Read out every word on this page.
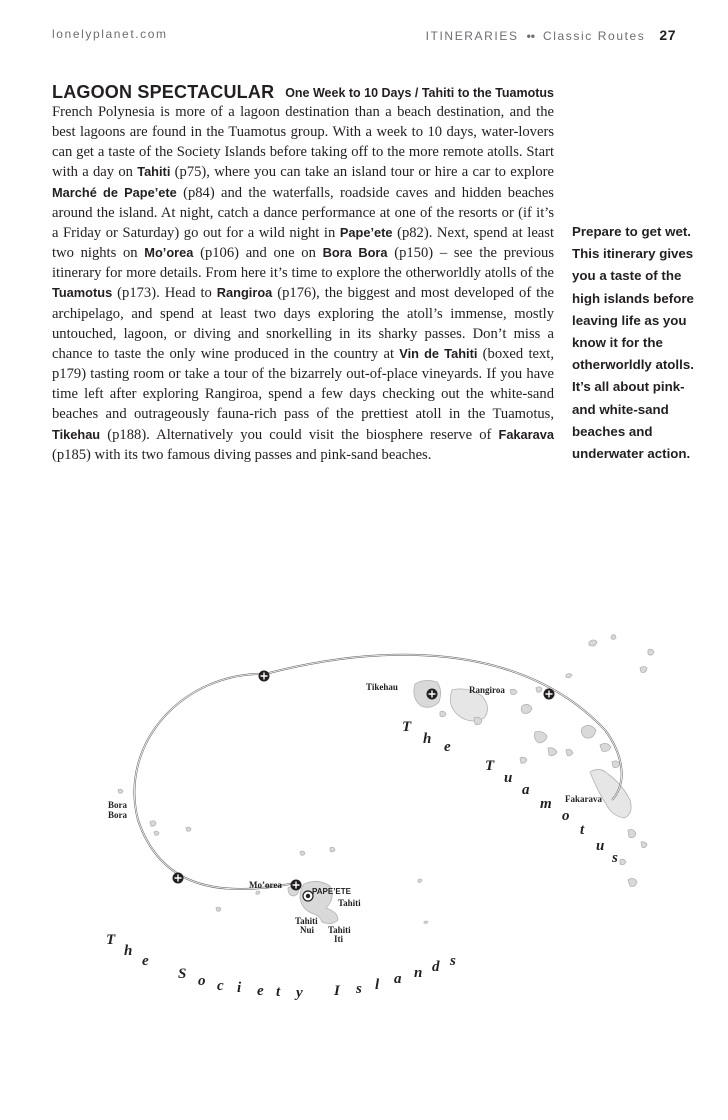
lonelyplanet.com	ITINERARIES •• Classic Routes 27
LAGOON SPECTACULAR One Week to 10 Days / Tahiti to the Tuamotus
French Polynesia is more of a lagoon destination than a beach destination, and the best lagoons are found in the Tuamotus group. With a week to 10 days, water-lovers can get a taste of the Society Islands before taking off to the more remote atolls. Start with a day on Tahiti (p75), where you can take an island tour or hire a car to explore Marché de Pape’ete (p84) and the waterfalls, roadside caves and hidden beaches around the island. At night, catch a dance performance at one of the resorts or (if it’s a Friday or Saturday) go out for a wild night in Pape’ete (p82). Next, spend at least two nights on Mo’orea (p106) and one on Bora Bora (p150) – see the previous itinerary for more details. From here it’s time to explore the otherworldly atolls of the Tuamotus (p173). Head to Rangiroa (p176), the biggest and most developed of the archipelago, and spend at least two days exploring the atoll’s immense, mostly untouched, lagoon, or diving and snorkelling in its sharky passes. Don’t miss a chance to taste the only wine produced in the country at Vin de Tahiti (boxed text, p179) tasting room or take a tour of the bizarrely out-of-place vineyards. If you have time left after exploring Rangiroa, spend a few days checking out the white-sand beaches and outrageously fauna-rich pass of the prettiest atoll in the Tuamotus, Tikehau (p188). Alternatively you could visit the biosphere reserve of Fakarava (p185) with its two famous diving passes and pink-sand beaches.
Prepare to get wet. This itinerary gives you a taste of the high islands before leaving life as you know it for the otherworldly atolls. It’s all about pink- and white-sand beaches and underwater action.
Tikehau	Rangiroa
Fakarava
Bora
Bora
Mo’orea
PAPE’ETE
Tahiti
Tahiti
Nui Tahiti
Iti
T
h e
T
u
a
m
o
t
u
s
T
h
e
S o c i e t y I s l a n d s
